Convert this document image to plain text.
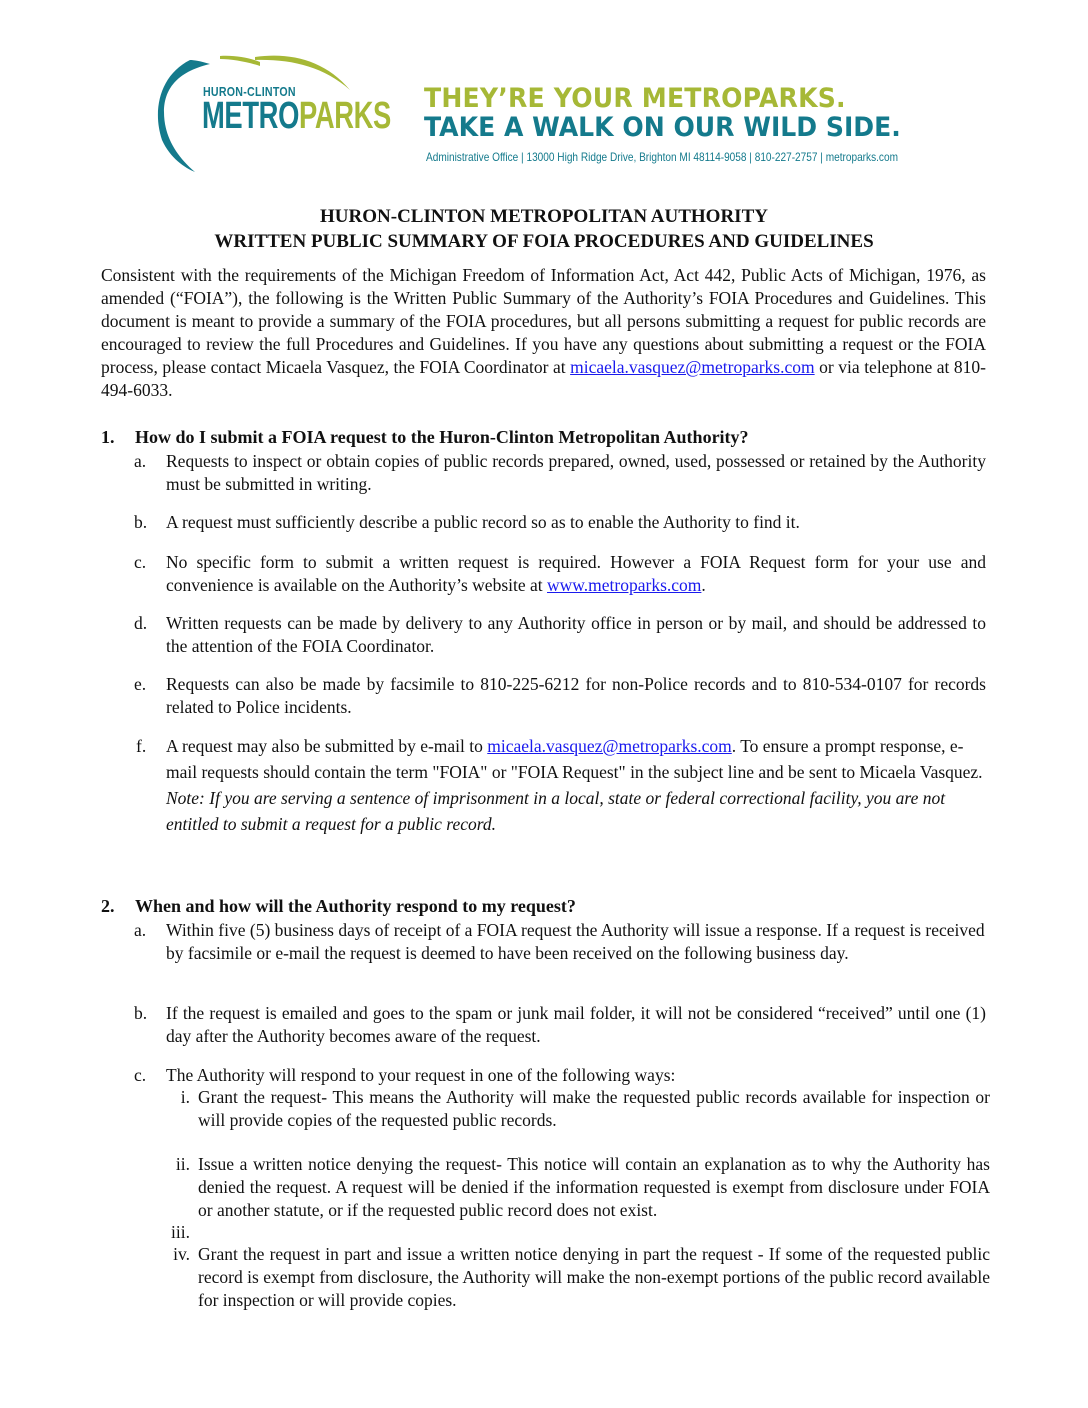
HURON-CLINTON
METROPARKS THEY’RE YOUR METROPARKS.
TAKE A WALK ON OUR WILD SIDE.
Administrative Office | 13000 High Ridge Drive, Brighton MI 48114-9058 | 810-227-2757 | metroparks.com
HURON-CLINTON METROPOLITAN AUTHORITY
WRITTEN PUBLIC SUMMARY OF FOIA PROCEDURES AND GUIDELINES
Consistent with the requirements of the Michigan Freedom of Information Act, Act 442, Public Acts of Michigan, 1976, as amended (“FOIA”), the following is the Written Public Summary of the Authority’s FOIA Procedures and Guidelines. This document is meant to provide a summary of the FOIA procedures, but all persons submitting a request for public records are encouraged to review the full Procedures and Guidelines. If you have any questions about submitting a request or the FOIA process, please contact Micaela Vasquez, the FOIA Coordinator at micaela.vasquez@metroparks.com or via telephone at 810-494-6033.
1. How do I submit a FOIA request to the Huron-Clinton Metropolitan Authority?
a. Requests to inspect or obtain copies of public records prepared, owned, used, possessed or retained by the Authority must be submitted in writing.
b. A request must sufficiently describe a public record so as to enable the Authority to find it.
c. No specific form to submit a written request is required. However a FOIA Request form for your use and convenience is available on the Authority’s website at www.metroparks.com.
d. Written requests can be made by delivery to any Authority office in person or by mail, and should be addressed to the attention of the FOIA Coordinator.
e. Requests can also be made by facsimile to 810-225-6212 for non-Police records and to 810-534-0107 for records related to Police incidents.
f. A request may also be submitted by e-mail to micaela.vasquez@metroparks.com. To ensure a prompt response, e-mail requests should contain the term "FOIA" or "FOIA Request" in the subject line and be sent to Micaela Vasquez.
Note: If you are serving a sentence of imprisonment in a local, state or federal correctional facility, you are not entitled to submit a request for a public record.
2. When and how will the Authority respond to my request?
a. Within five (5) business days of receipt of a FOIA request the Authority will issue a response. If a request is received by facsimile or e-mail the request is deemed to have been received on the following business day.
b. If the request is emailed and goes to the spam or junk mail folder, it will not be considered “received” until one (1) day after the Authority becomes aware of the request.
c. The Authority will respond to your request in one of the following ways:
i. Grant the request- This means the Authority will make the requested public records available for inspection or will provide copies of the requested public records.
ii. Issue a written notice denying the request- This notice will contain an explanation as to why the Authority has denied the request. A request will be denied if the information requested is exempt from disclosure under FOIA or another statute, or if the requested public record does not exist.
iii.
iv. Grant the request in part and issue a written notice denying in part the request - If some of the requested public record is exempt from disclosure, the Authority will make the non-exempt portions of the public record available for inspection or will provide copies.
